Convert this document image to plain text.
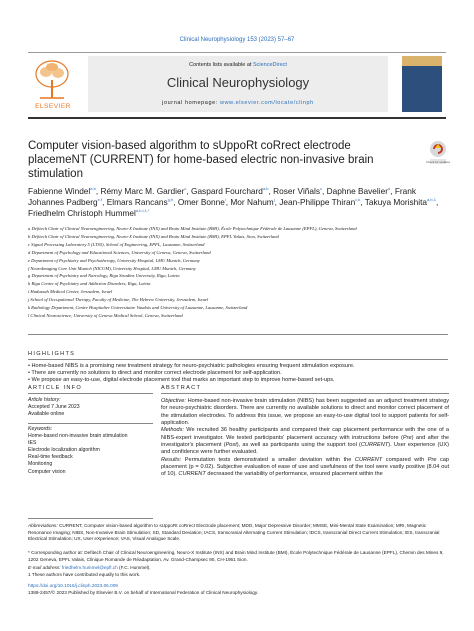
Clinical Neurophysiology 153 (2023) 57–67
ELSEVIER
Contents lists available at ScienceDirect
Clinical Neurophysiology
journal homepage: www.elsevier.com/locate/clinph
Computer vision-based algorithm to sUppoRt coRrect electrode placemeNT (CURRENT) for home-based electric non-invasive brain stimulation
Check for updates
Fabienne Windel$^{a,b}$, Rémy Marc M. Gardier$^c$, Gaspard Fourchard$^{a,b}$, Roser Viñals$^c$, Daphne Bavelier$^d$, Frank Johannes Padberg$^{e,f}$, Elmars Rancans$^{g,h}$, Omer Bonne$^i$, Mor Nahum$^j$, Jean-Philippe Thiran$^{c,k}$, Takuya Morishita$^{a,b,1}$, Friedhelm Christoph Hummel$^{a,b,l,1,*}$
a Defitech Chair of Clinical Neuroengineering, Neuro-X Institute (INX) and Brain Mind Institute (BMI), École Polytechnique Fédérale de Lausanne (EPFL), Geneva, Switzerland
b Defitech Chair of Clinical Neuroengineering, Neuro-X Institute (INX) and Brain Mind Institute (BMI), EPFL Valais, Sion, Switzerland
c Signal Processing Laboratory 5 (LTS5), School of Engineering, EPFL, Lausanne, Switzerland
d Department of Psychology and Educational Sciences, University of Geneva, Geneva, Switzerland
e Department of Psychiatry and Psychotherapy, University Hospital, LMU Munich, Germany
f NeuroImaging Core Unit Munich (NICUM), University Hospital, LMU Munich, Germany
g Department of Psychiatry and Narcology, Riga Stradins University, Riga, Latvia
h Riga Centre of Psychiatry and Addiction Disorders, Riga, Latvia
i Hadassah Medical Center, Jerusalem, Israel
j School of Occupational Therapy, Faculty of Medicine, The Hebrew University, Jerusalem, Israel
k Radiology Department, Centre Hospitalier Universitaire Vaudois and University of Lausanne, Lausanne, Switzerland
l Clinical Neuroscience, University of Geneva Medical School, Geneva, Switzerland
HIGHLIGHTS
• Home-based NIBS is a promising new treatment strategy for neuro-psychiatric pathologies ensuring frequent stimulation exposure.
• There are currently no solutions to direct and monitor correct electrode placement for self-application.
• We propose an easy-to-use, digital electrode placement tool that marks an important step to improve home-based set-ups.
ARTICLE INFO
Article history:
Accepted 7 June 2023
Available online
Keywords:
Home-based non-invasive brain stimulation
tES
Electrode localization algorithm
Real-time feedback
Monitoring
Computer vision
ABSTRACT
Objective: Home-based non-invasive brain stimulation (NIBS) has been suggested as an adjunct treatment strategy for neuro-psychiatric disorders. There are currently no available solutions to direct and monitor correct placement of the stimulation electrodes. To address this issue, we propose an easy-to-use digital tool to support patients for self-application.
Methods: We recruited 36 healthy participants and compared their cap placement performance with the one of a NIBS-expert investigator. We tested participants' placement accuracy with instructions before (Pre) and after the investigator's placement (Post), as well as participants using the support tool (CURRENT). User experience (UX) and confidence were further evaluated.
Results: Permutation tests demonstrated a smaller deviation within the CURRENT compared with Pre cap placement (p = 0.02). Subjective evaluation of ease of use and usefulness of the tool were vastly positive (8.04 out of 10). CURRENT decreased the variability of performance, ensured placement within the
Abbreviations: CURRENT, Computer vision-based algorithm to sUppoRt coRrect Electrode placement; MDD, Major Depressive Disorder; MMSE, Mini-Mental State Examination; MRI, Magnetic Resonance Imaging; NIBS, Non-Invasive Brain Stimulation; SD, Standard Deviation; tACS, transcranial Alternating Current Stimulation; tDCS, transcranial Direct Current Stimulation; tES, transcranial Electrical Stimulation; UX, User eXperience; VAS, Visual Analogue Scale.
* Corresponding author at: Defitech Chair of Clinical Neuroengineering, Neuro-X Institute (INX) and Brain Mind Institute (BMI), École Polytechnique Fédérale de Lausanne (EPFL), Chemin des Mines 9, 1202 Geneva, EPFL Valais, Clinique Romande de Réadaptation, Av. Grand-Champsec 90, CH-1951 Sion.
E-mail address: friedhelm.hummel@epfl.ch (F.C. Hummel).
1 These authors have contributed equally to this work.
https://doi.org/10.1016/j.clinph.2023.06.009
1388-2457/© 2023 Published by Elsevier B.V. on behalf of International Federation of Clinical Neurophysiology.
